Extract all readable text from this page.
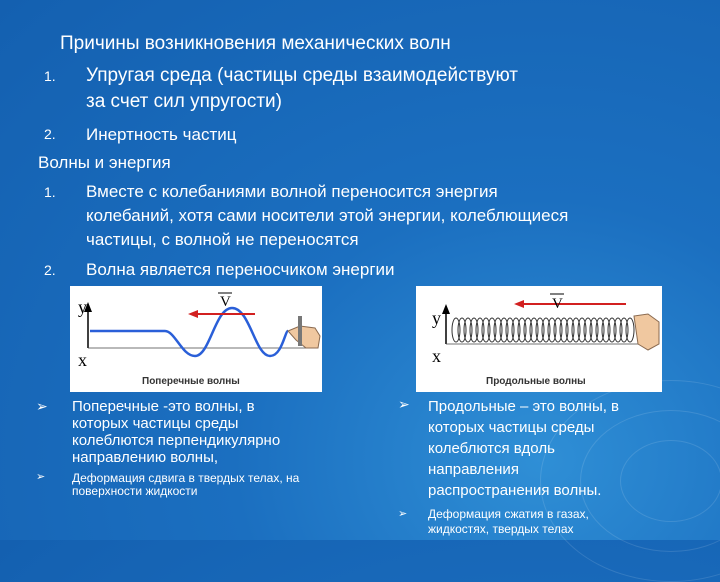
Причины возникновения механических волн
1. Упругая среда (частицы среды взаимодействуют
за счет сил упругости)
2. Инертность частиц
Волны и энергия
1. Вместе с колебаниями волной переносится энергия
колебаний, хотя сами носители этой энергии, колеблющиеся
частицы, с волной не переносятся
2. Волна является переносчиком энергии
y
x
V
Поперечные волны
y
x
V
Продольные волны
➢ Поперечные -это волны, в
которых частицы среды
колеблются перпендикулярно
направлению волны,
➢ Деформация сдвига в твердых телах, на
поверхности жидкости
➢ Продольные – это волны, в
которых частицы среды
колеблются вдоль
направления
распространения волны.
➢ Деформация сжатия в газах,
жидкостях, твердых телах
